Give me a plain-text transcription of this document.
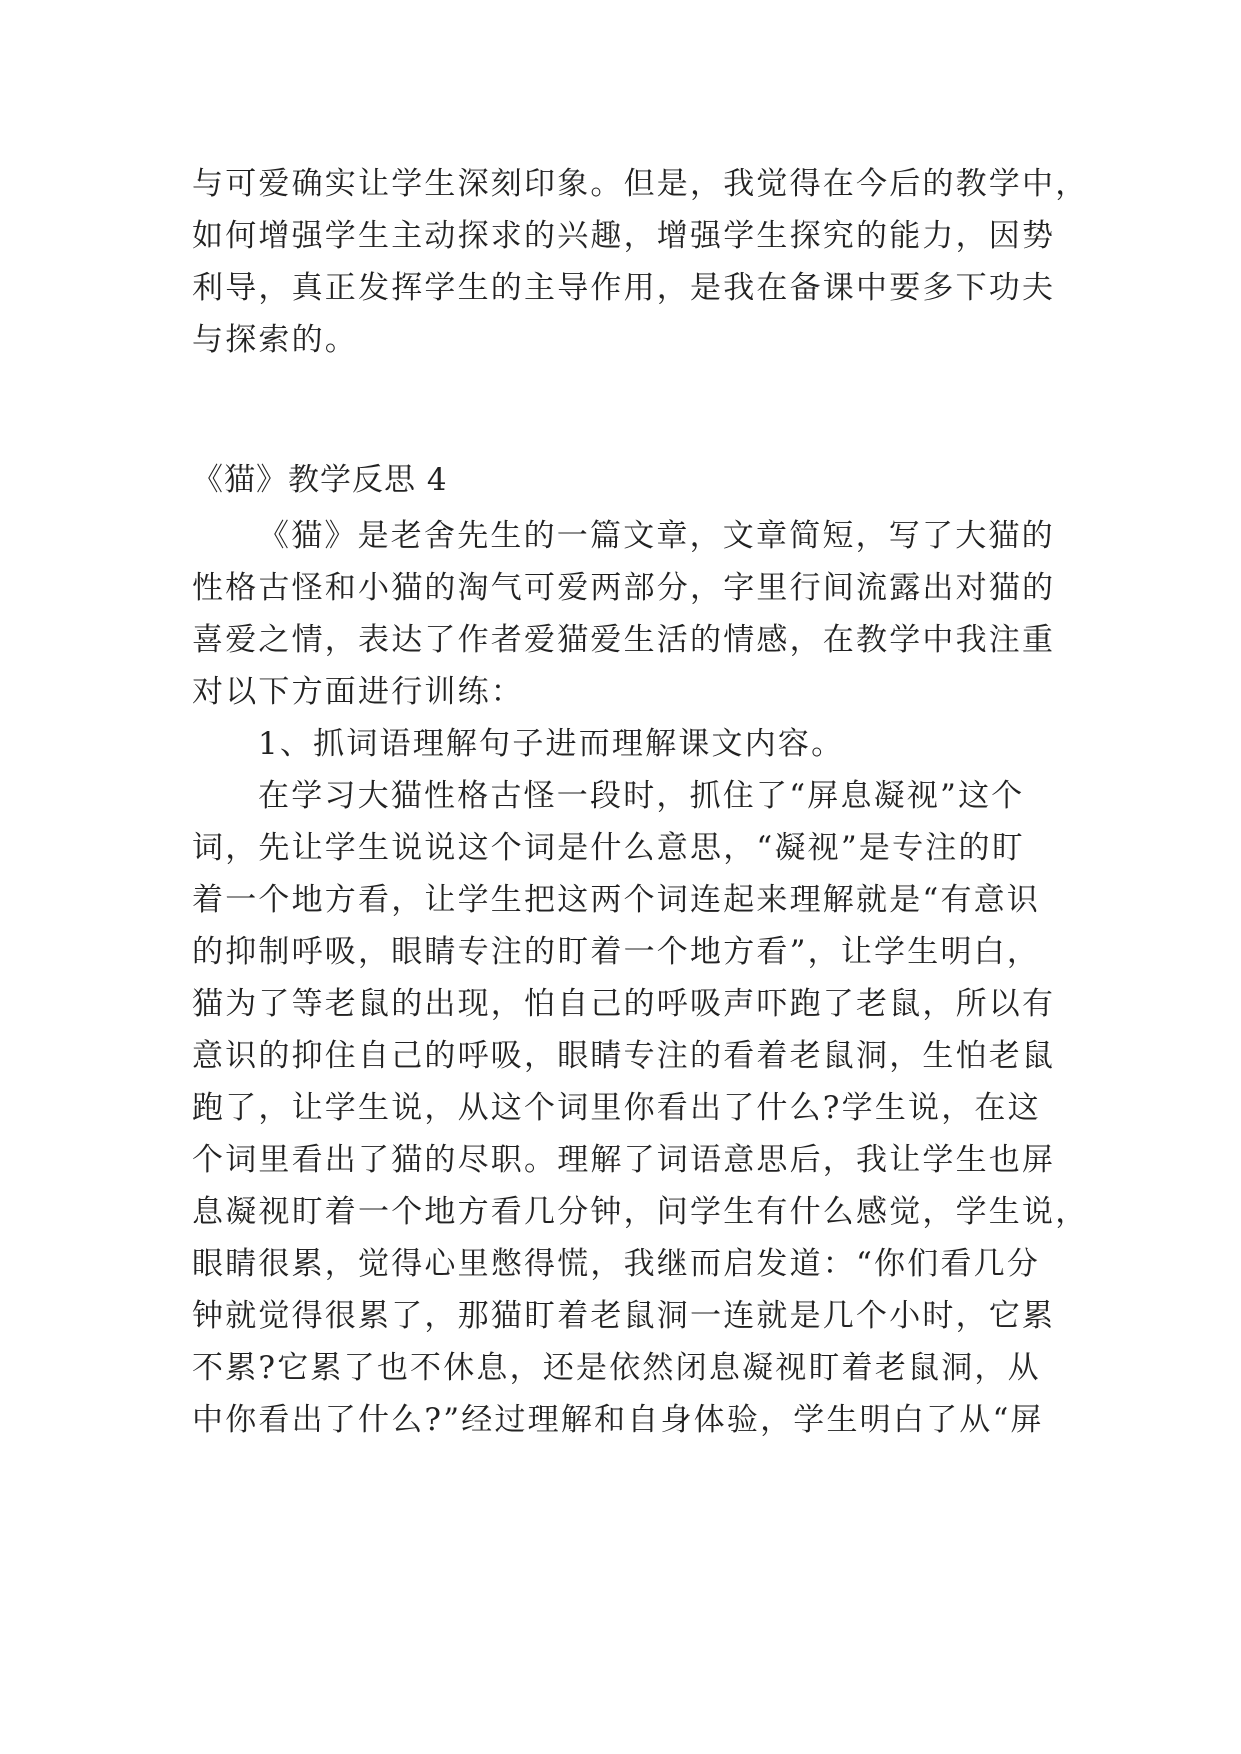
与可爱确实让学生深刻印象。但是，我觉得在今后的教学中，
如何增强学生主动探求的兴趣，增强学生探究的能力，因势
利导，真正发挥学生的主导作用，是我在备课中要多下功夫
与探索的。
《猫》教学反思 4
《猫》是老舍先生的一篇文章，文章简短，写了大猫的
性格古怪和小猫的淘气可爱两部分，字里行间流露出对猫的
喜爱之情，表达了作者爱猫爱生活的情感，在教学中我注重
对以下方面进行训练：
1、抓词语理解句子进而理解课文内容。
在学习大猫性格古怪一段时，抓住了“屏息凝视”这个
词，先让学生说说这个词是什么意思，“凝视”是专注的盯
着一个地方看，让学生把这两个词连起来理解就是“有意识
的抑制呼吸，眼睛专注的盯着一个地方看”，让学生明白，
猫为了等老鼠的出现，怕自己的呼吸声吓跑了老鼠，所以有
意识的抑住自己的呼吸，眼睛专注的看着老鼠洞，生怕老鼠
跑了，让学生说，从这个词里你看出了什么?学生说，在这
个词里看出了猫的尽职。理解了词语意思后，我让学生也屏
息凝视盯着一个地方看几分钟，问学生有什么感觉，学生说，
眼睛很累，觉得心里憋得慌，我继而启发道：“你们看几分
钟就觉得很累了，那猫盯着老鼠洞一连就是几个小时，它累
不累?它累了也不休息，还是依然闭息凝视盯着老鼠洞，从
中你看出了什么?”经过理解和自身体验，学生明白了从“屏
